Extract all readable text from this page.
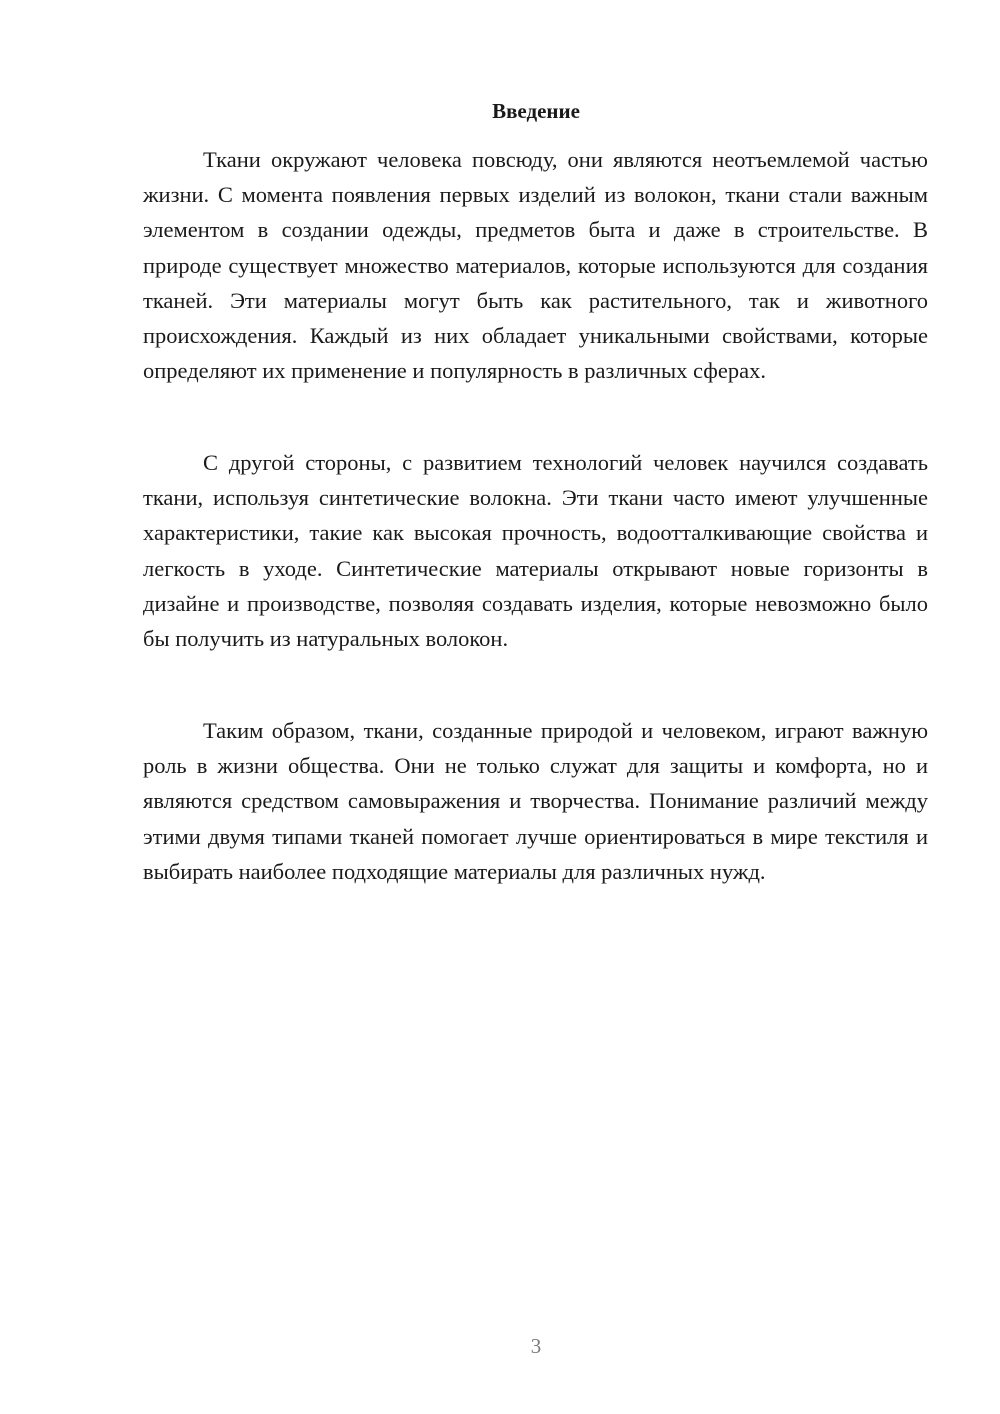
Введение

Ткани окружают человека повсюду, они являются неотъемлемой частью жизни. С момента появления первых изделий из волокон, ткани стали важным элементом в создании одежды, предметов быта и даже в строительстве. В природе существует множество материалов, которые используются для создания тканей. Эти материалы могут быть как растительного, так и животного происхождения. Каждый из них обладает уникальными свойствами, которые определяют их применение и популярность в различных сферах.

С другой стороны, с развитием технологий человек научился создавать ткани, используя синтетические волокна. Эти ткани часто имеют улучшенные характеристики, такие как высокая прочность, водоотталкивающие свойства и легкость в уходе. Синтетические материалы открывают новые горизонты в дизайне и производстве, позволяя создавать изделия, которые невозможно было бы получить из натуральных волокон.

Таким образом, ткани, созданные природой и человеком, играют важную роль в жизни общества. Они не только служат для защиты и комфорта, но и являются средством самовыражения и творчества. Понимание различий между этими двумя типами тканей помогает лучше ориентироваться в мире текстиля и выбирать наиболее подходящие материалы для различных нужд.

3
